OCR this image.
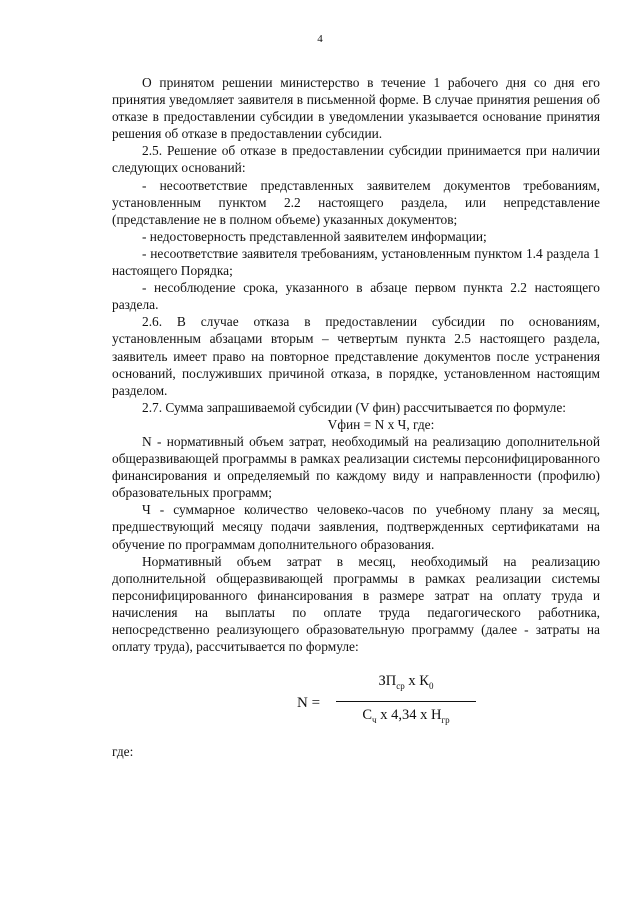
4

О принятом решении министерство в течение 1 рабочего дня со дня его принятия уведомляет заявителя в письменной форме. В случае принятия решения об отказе в предоставлении субсидии в уведомлении указывается основание принятия решения об отказе в предоставлении субсидии.

2.5. Решение об отказе в предоставлении субсидии принимается при наличии следующих оснований:

- несоответствие представленных заявителем документов требованиям, установленным пунктом 2.2 настоящего раздела, или непредставление (представление не в полном объеме) указанных документов;

- недостоверность представленной заявителем информации;

- несоответствие заявителя требованиям, установленным пунктом 1.4 раздела 1 настоящего Порядка;

- несоблюдение срока, указанного в абзаце первом пункта 2.2 настоящего раздела.

2.6. В случае отказа в предоставлении субсидии по основаниям, установленным абзацами вторым – четвертым пункта 2.5 настоящего раздела, заявитель имеет право на повторное представление документов после устранения оснований, послуживших причиной отказа, в порядке, установленном настоящим разделом.

2.7. Сумма запрашиваемой субсидии (V фин) рассчитывается по формуле:

Vфин = N х Ч, где:

N - нормативный объем затрат, необходимый на реализацию дополнительной общеразвивающей программы в рамках реализации системы персонифицированного финансирования и определяемый по каждому виду и направленности (профилю) образовательных программ;

Ч - суммарное количество человеко-часов по учебному плану за месяц, предшествующий месяцу подачи заявления, подтвержденных сертификатами на обучение по программам дополнительного образования.

Нормативный объем затрат в месяц, необходимый на реализацию дополнительной общеразвивающей программы в рамках реализации системы персонифицированного финансирования в размере затрат на оплату труда и начисления на выплаты по оплате труда педагогического работника, непосредственно реализующего образовательную программу (далее - затраты на оплату труда), рассчитывается по формуле:

N =
$ЗП_{ср}$ х $К_0$
$С_ч$ х 4,34 х $Н_{гр}$

где:
